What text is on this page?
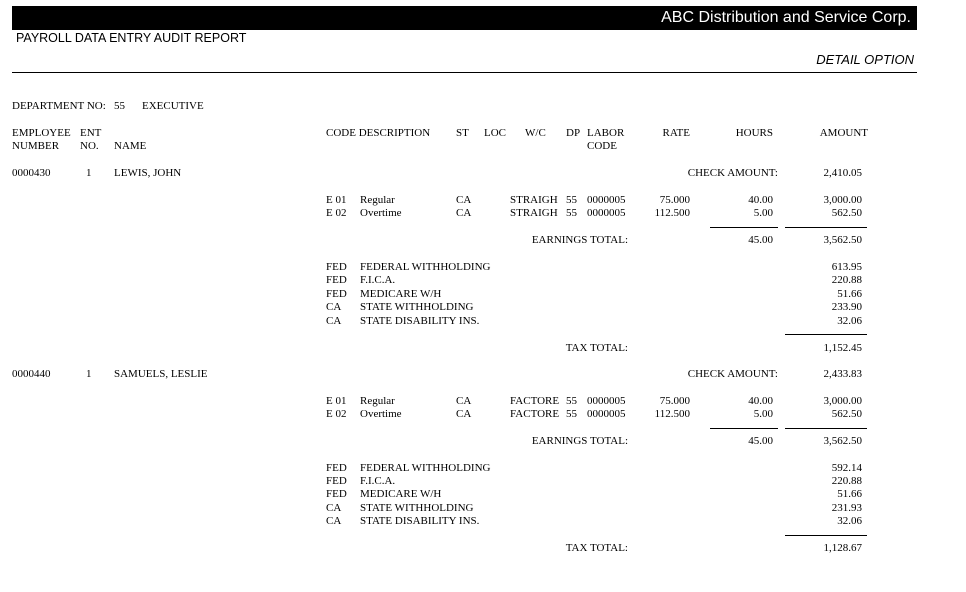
ABC Distribution and Service Corp.
PAYROLL DATA ENTRY AUDIT REPORT
DETAIL OPTION
DEPARTMENT NO: 55 EXECUTIVE
EMPLOYEE
NUMBER
ENT
NO. NAME
CODE DESCRIPTION ST LOC W/C DP LABOR
CODE
RATE	HOURS	AMOUNT
0000430	1 LEWIS, JOHN	CHECK AMOUNT:	2,410.05
E 01 Regular	CA	STRAIGH 55 0000005	75.000	40.00	3,000.00
E 02 Overtime	CA	STRAIGH 55 0000005	112.500	5.00	562.50
EARNINGS TOTAL:	45.00	3,562.50
FED FEDERAL WITHHOLDING	613.95
FED F.I.C.A.	220.88
FED MEDICARE W/H	51.66
CA STATE WITHHOLDING	233.90
CA STATE DISABILITY INS.	32.06
TAX TOTAL:	1,152.45
0000440	1 SAMUELS, LESLIE	CHECK AMOUNT:	2,433.83
E 01 Regular	CA	FACTORE 55 0000005	75.000	40.00	3,000.00
E 02 Overtime	CA	FACTORE 55 0000005	112.500	5.00	562.50
EARNINGS TOTAL:	45.00	3,562.50
FED FEDERAL WITHHOLDING	592.14
FED F.I.C.A.	220.88
FED MEDICARE W/H	51.66
CA STATE WITHHOLDING	231.93
CA STATE DISABILITY INS.	32.06
TAX TOTAL:	1,128.67
